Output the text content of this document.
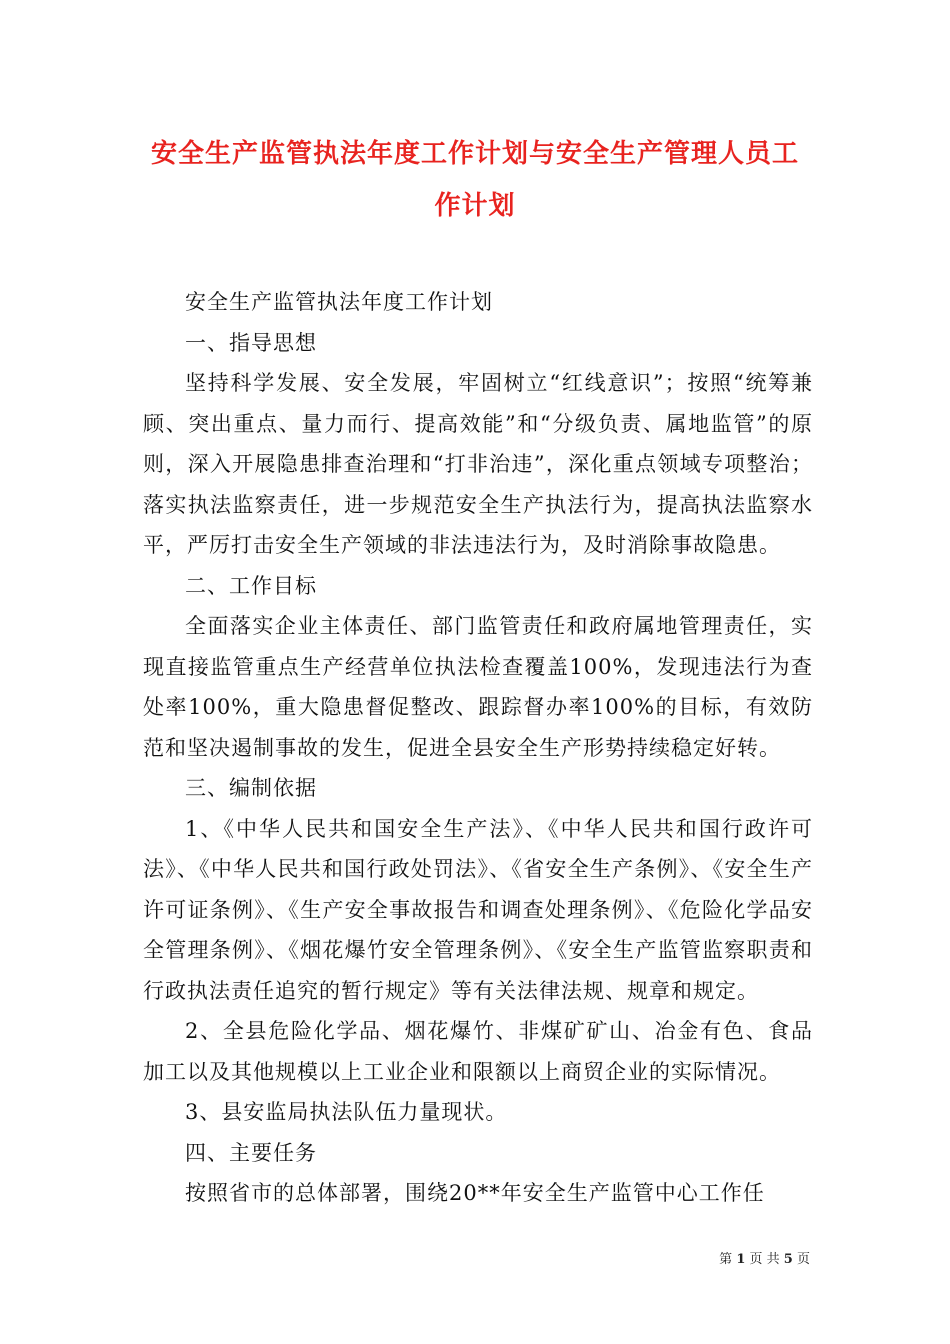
安全生产监管执法年度工作计划与安全生产管理人员工作计划

安全生产监管执法年度工作计划

一、指导思想

坚持科学发展、安全发展，牢固树立“红线意识”；按照“统筹兼顾、突出重点、量力而行、提高效能”和“分级负责、属地监管”的原则，深入开展隐患排查治理和“打非治违”，深化重点领域专项整治；落实执法监察责任，进一步规范安全生产执法行为，提高执法监察水平，严厉打击安全生产领域的非法违法行为，及时消除事故隐患。

二、工作目标

全面落实企业主体责任、部门监管责任和政府属地管理责任，实现直接监管重点生产经营单位执法检查覆盖100%，发现违法行为查处率100%，重大隐患督促整改、跟踪督办率100%的目标，有效防范和坚决遏制事故的发生，促进全县安全生产形势持续稳定好转。

三、编制依据

1、《中华人民共和国安全生产法》、《中华人民共和国行政许可法》、《中华人民共和国行政处罚法》、《省安全生产条例》、《安全生产许可证条例》、《生产安全事故报告和调查处理条例》、《危险化学品安全管理条例》、《烟花爆竹安全管理条例》、《安全生产监管监察职责和行政执法责任追究的暂行规定》等有关法律法规、规章和规定。

2、全县危险化学品、烟花爆竹、非煤矿矿山、冶金有色、食品加工以及其他规模以上工业企业和限额以上商贸企业的实际情况。

3、县安监局执法队伍力量现状。

四、主要任务

按照省市的总体部署，围绕20**年安全生产监管中心工作任

第 1 页 共 5 页
